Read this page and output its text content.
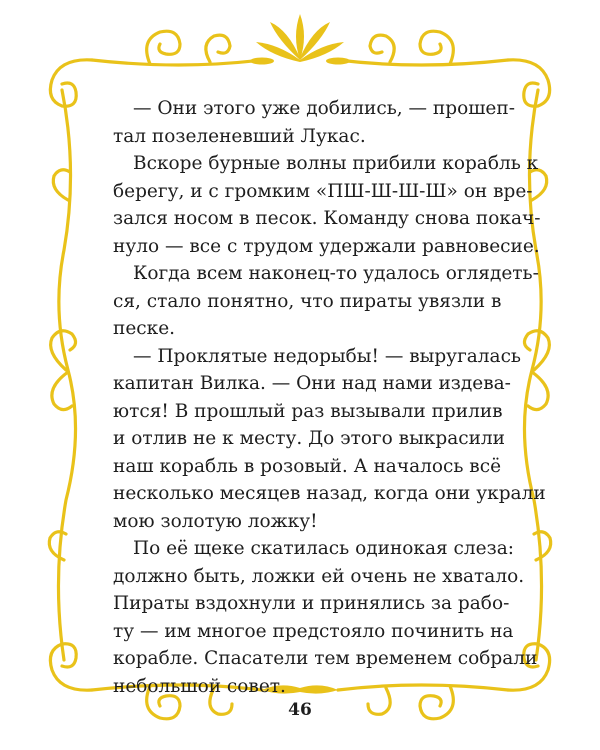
— Они этого уже добились, — прошеп-
тал позеленевший Лукас.
Вскоре бурные волны прибили корабль к
берегу, и с громким «ПШ-Ш-Ш-Ш» он вре-
зался носом в песок. Команду снова покач-
нуло — все с трудом удержали равновесие.
Когда всем наконец-то удалось оглядеть-
ся, стало понятно, что пираты увязли в
песке.
— Проклятые недорыбы! — выругалась
капитан Вилка. — Они над нами издева-
ются! В прошлый раз вызывали прилив
и отлив не к месту. До этого выкрасили
наш корабль в розовый. А началось всё
несколько месяцев назад, когда они украли
мою золотую ложку!
По её щеке скатилась одинокая слеза:
должно быть, ложки ей очень не хватало.
Пираты вздохнули и принялись за рабо-
ту — им многое предстояло починить на
корабле. Спасатели тем временем собрали
небольшой совет.
46
